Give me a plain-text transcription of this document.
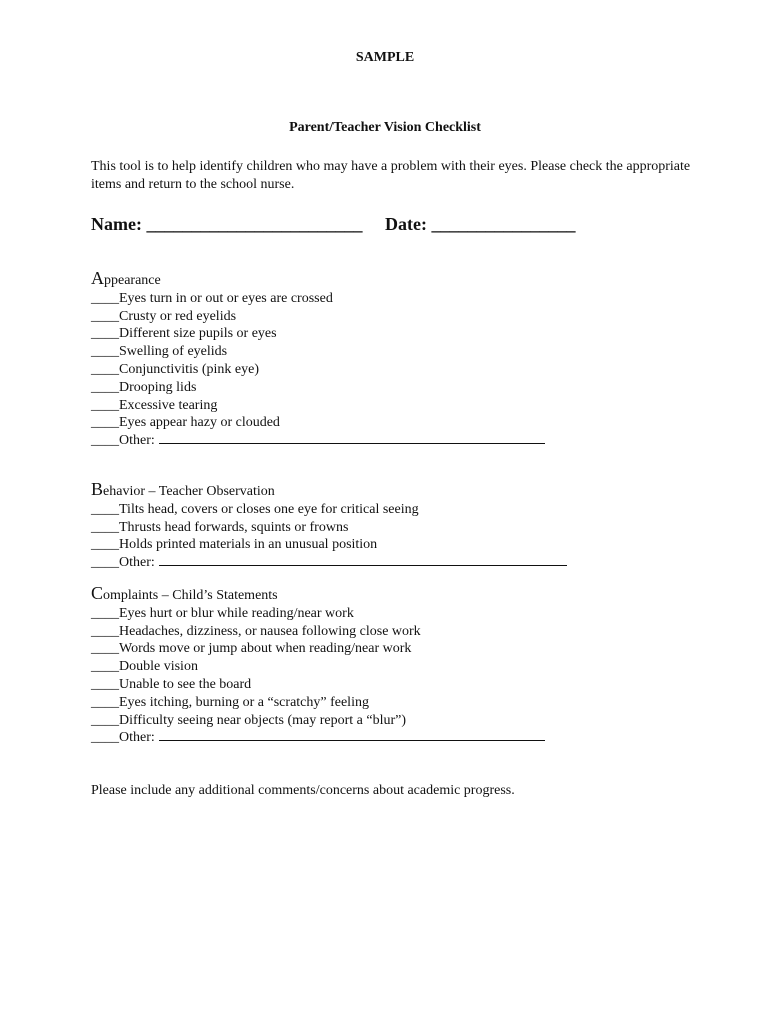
SAMPLE
Parent/Teacher Vision Checklist
This tool is to help identify children who may have a problem with their eyes. Please check the appropriate items and return to the school nurse.
Name: ________________________ Date: ________________
Appearance
____Eyes turn in or out or eyes are crossed
____Crusty or red eyelids
____Different size pupils or eyes
____Swelling of eyelids
____Conjunctivitis (pink eye)
____Drooping lids
____Excessive tearing
____Eyes appear hazy or clouded
____Other:
Behavior – Teacher Observation
____Tilts head, covers or closes one eye for critical seeing
____Thrusts head forwards, squints or frowns
____Holds printed materials in an unusual position
____Other:
Complaints – Child’s Statements
____Eyes hurt or blur while reading/near work
____Headaches, dizziness, or nausea following close work
____Words move or jump about when reading/near work
____Double vision
____Unable to see the board
____Eyes itching, burning or a “scratchy” feeling
____Difficulty seeing near objects (may report a “blur”)
____Other:
Please include any additional comments/concerns about academic progress.
